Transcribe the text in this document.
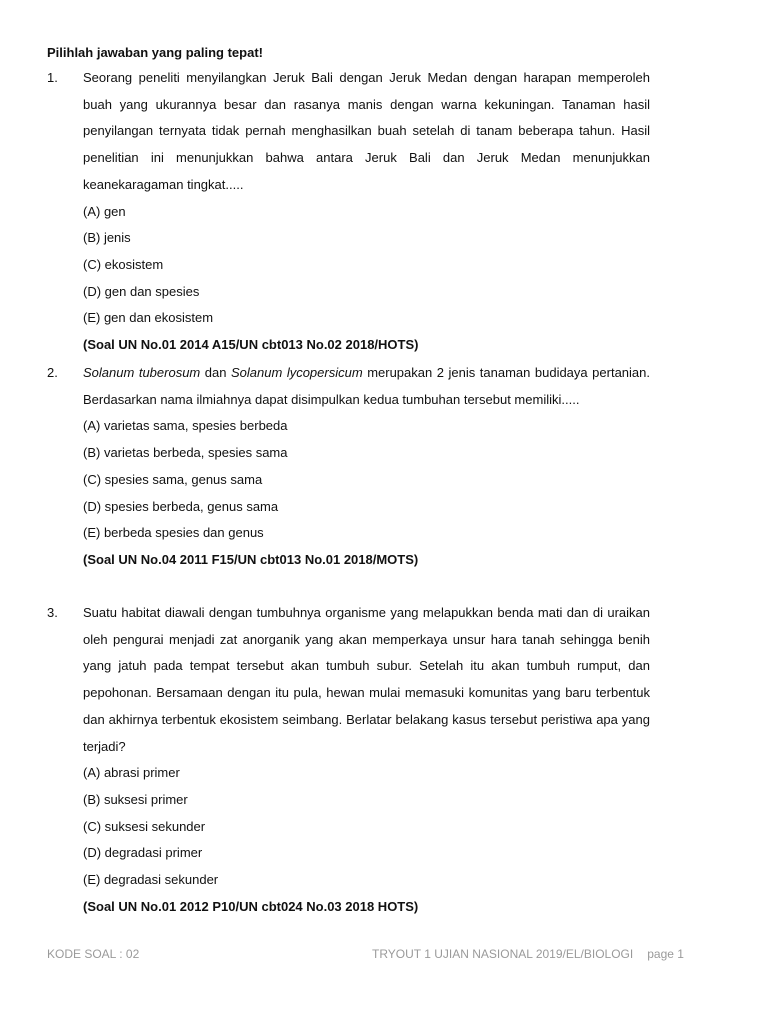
Pilihlah jawaban yang paling tepat!
1. Seorang peneliti menyilangkan Jeruk Bali dengan Jeruk Medan dengan harapan memperoleh buah yang ukurannya besar dan rasanya manis dengan warna kekuningan. Tanaman hasil penyilangan ternyata tidak pernah menghasilkan buah setelah di tanam beberapa tahun. Hasil penelitian ini menunjukkan bahwa antara Jeruk Bali dan Jeruk Medan menunjukkan keanekaragaman tingkat.....

(A) gen

(B) jenis

(C) ekosistem

(D) gen dan spesies

(E) gen dan ekosistem

(Soal UN No.01 2014 A15/UN cbt013 No.02 2018/HOTS)

2. Solanum tuberosum dan Solanum lycopersicum merupakan 2 jenis tanaman budidaya pertanian. Berdasarkan nama ilmiahnya dapat disimpulkan kedua tumbuhan tersebut memiliki.....

(A) varietas sama, spesies berbeda

(B) varietas berbeda, spesies sama

(C) spesies sama, genus sama

(D) spesies berbeda, genus sama

(E) berbeda spesies dan genus

(Soal UN No.04 2011 F15/UN cbt013 No.01 2018/MOTS)

3. Suatu habitat diawali dengan tumbuhnya organisme yang melapukkan benda mati dan di uraikan oleh pengurai menjadi zat anorganik yang akan memperkaya unsur hara tanah sehingga benih yang jatuh pada tempat tersebut akan tumbuh subur. Setelah itu akan tumbuh rumput, dan pepohonan. Bersamaan dengan itu pula, hewan mulai memasuki komunitas yang baru terbentuk dan akhirnya terbentuk ekosistem seimbang. Berlatar belakang kasus tersebut peristiwa apa yang terjadi?

(A) abrasi primer

(B) suksesi primer

(C) suksesi sekunder

(D) degradasi primer

(E) degradasi sekunder

(Soal UN No.01 2012 P10/UN cbt024 No.03 2018 HOTS)

KODE SOAL : 02	TRYOUT 1 UJIAN NASIONAL 2019/EL/BIOLOGI page 1
